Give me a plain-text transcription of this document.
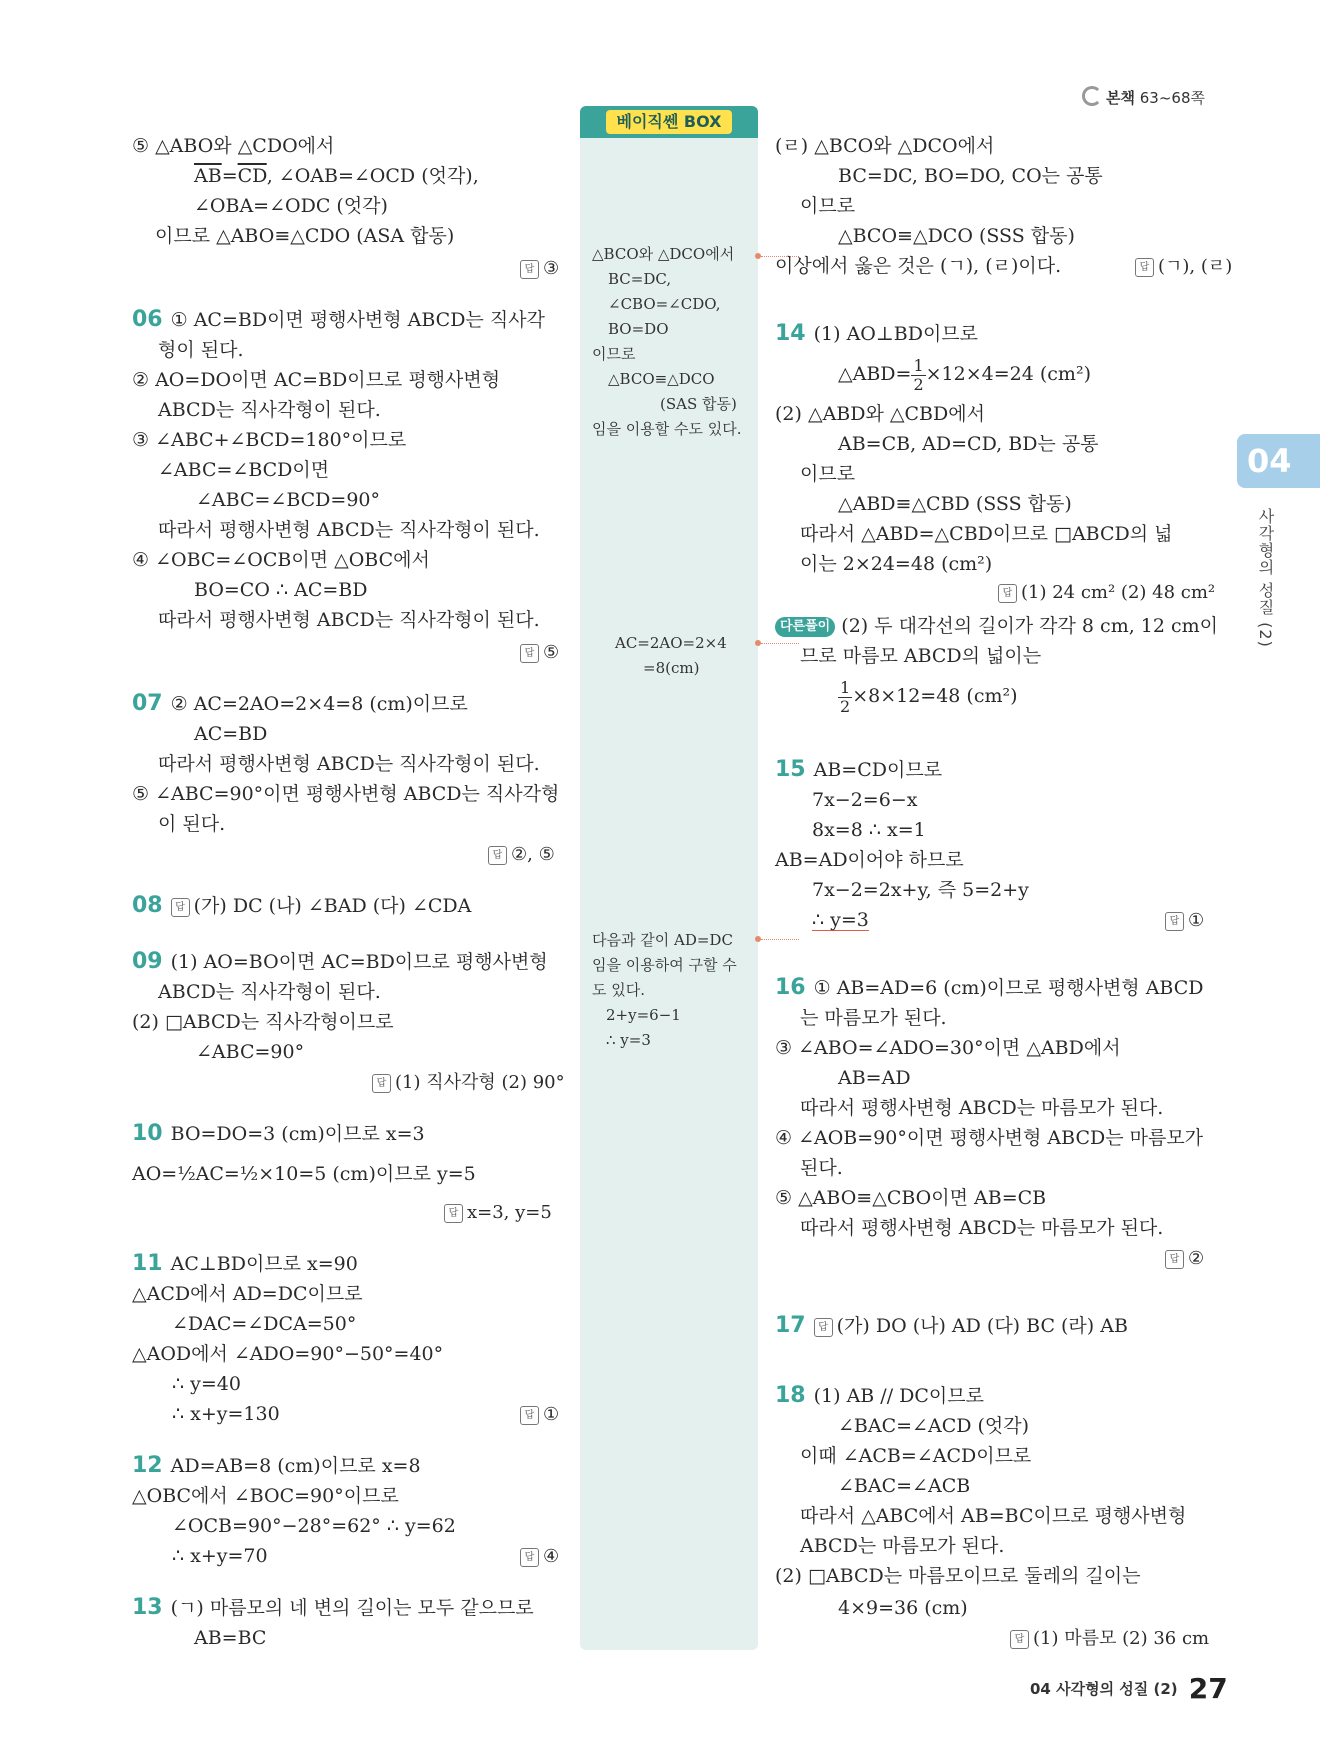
본책 63~68쪽
베이직쎈 BOX
△BCO와 △DCO에서
BC=DC,
∠CBO=∠CDO,
BO=DO
이므로
△BCO≡△DCO
(SAS 합동)
임을 이용할 수도 있다.
AC=2AO=2×4
=8(cm)
다음과 같이 AD=DC
임을 이용하여 구할 수
도 있다.
2+y=6−1
∴ y=3
04
사각형의 성질 (2)
⑤ △ABO와 △CDO에서
$\overline{AB}=\overline{CD}$, ∠OAB=∠OCD (엇각),
∠OBA=∠ODC (엇각)
이므로 △ABO≡△CDO (ASA 합동)
답 ③
06 ① AC=BD이면 평행사변형 ABCD는 직사각
형이 된다.
② AO=DO이면 AC=BD이므로 평행사변형
ABCD는 직사각형이 된다.
③ ∠ABC+∠BCD=180°이므로
∠ABC=∠BCD이면
∠ABC=∠BCD=90°
따라서 평행사변형 ABCD는 직사각형이 된다.
④ ∠OBC=∠OCB이면 △OBC에서
BO=CO ∴ AC=BD
따라서 평행사변형 ABCD는 직사각형이 된다.
답 ⑤
07 ② AC=2AO=2×4=8 (cm)이므로
AC=BD
따라서 평행사변형 ABCD는 직사각형이 된다.
⑤ ∠ABC=90°이면 평행사변형 ABCD는 직사각형
이 된다.
답 ②, ⑤
08 답 (가) DC (나) ∠BAD (다) ∠CDA
09 (1) AO=BO이면 AC=BD이므로 평행사변형
ABCD는 직사각형이 된다.
(2) □ABCD는 직사각형이므로
∠ABC=90°
답 (1) 직사각형 (2) 90°
10 BO=DO=3 (cm)이므로 x=3
AO=½AC=½×10=5 (cm)이므로 y=5
답 x=3, y=5
11 AC⊥BD이므로 x=90
△ACD에서 AD=DC이므로
∠DAC=∠DCA=50°
△AOD에서 ∠ADO=90°−50°=40°
∴ y=40
∴ x+y=130	답 ①
12 AD=AB=8 (cm)이므로 x=8
△OBC에서 ∠BOC=90°이므로
∠OCB=90°−28°=62° ∴ y=62
∴ x+y=70	답 ④
13 (ㄱ) 마름모의 네 변의 길이는 모두 같으므로
AB=BC
(ㄹ) △BCO와 △DCO에서
BC=DC, BO=DO, CO는 공통
이므로
△BCO≡△DCO (SSS 합동)
이상에서 옳은 것은 (ㄱ), (ㄹ)이다.	답 (ㄱ), (ㄹ)
14 (1) AO⊥BD이므로
△ABD= $\frac{1}{2} \times 12\times 4=24$ (cm²)
(2) △ABD와 △CBD에서
AB=CB, AD=CD, BD는 공통
이므로
△ABD≡△CBD (SSS 합동)
따라서 △ABD=△CBD이므로 □ABCD의 넓
이는 2×24=48 (cm²)
답 (1) 24 cm² (2) 48 cm²
다른풀이 (2) 두 대각선의 길이가 각각 8 cm, 12 cm이
므로 마름모 ABCD의 넓이는
$\frac{1}{2} \times 8\times 12=48$ (cm²)
15 AB=CD이므로
7x−2=6−x
8x=8 ∴ x=1
AB=AD이어야 하므로
7x−2=2x+y, 즉 5=2+y
∴ y=3	답 ①
16 ① AB=AD=6 (cm)이므로 평행사변형 ABCD
는 마름모가 된다.
③ ∠ABO=∠ADO=30°이면 △ABD에서
AB=AD
따라서 평행사변형 ABCD는 마름모가 된다.
④ ∠AOB=90°이면 평행사변형 ABCD는 마름모가
된다.
⑤ △ABO≡△CBO이면 AB=CB
따라서 평행사변형 ABCD는 마름모가 된다.
답 ②
17 답 (가) DO (나) AD (다) BC (라) AB
18 (1) AB // DC이므로
∠BAC=∠ACD (엇각)
이때 ∠ACB=∠ACD이므로
∠BAC=∠ACB
따라서 △ABC에서 AB=BC이므로 평행사변형
ABCD는 마름모가 된다.
(2) □ABCD는 마름모이므로 둘레의 길이는
4×9=36 (cm)
답 (1) 마름모 (2) 36 cm
04 사각형의 성질 (2) 27
